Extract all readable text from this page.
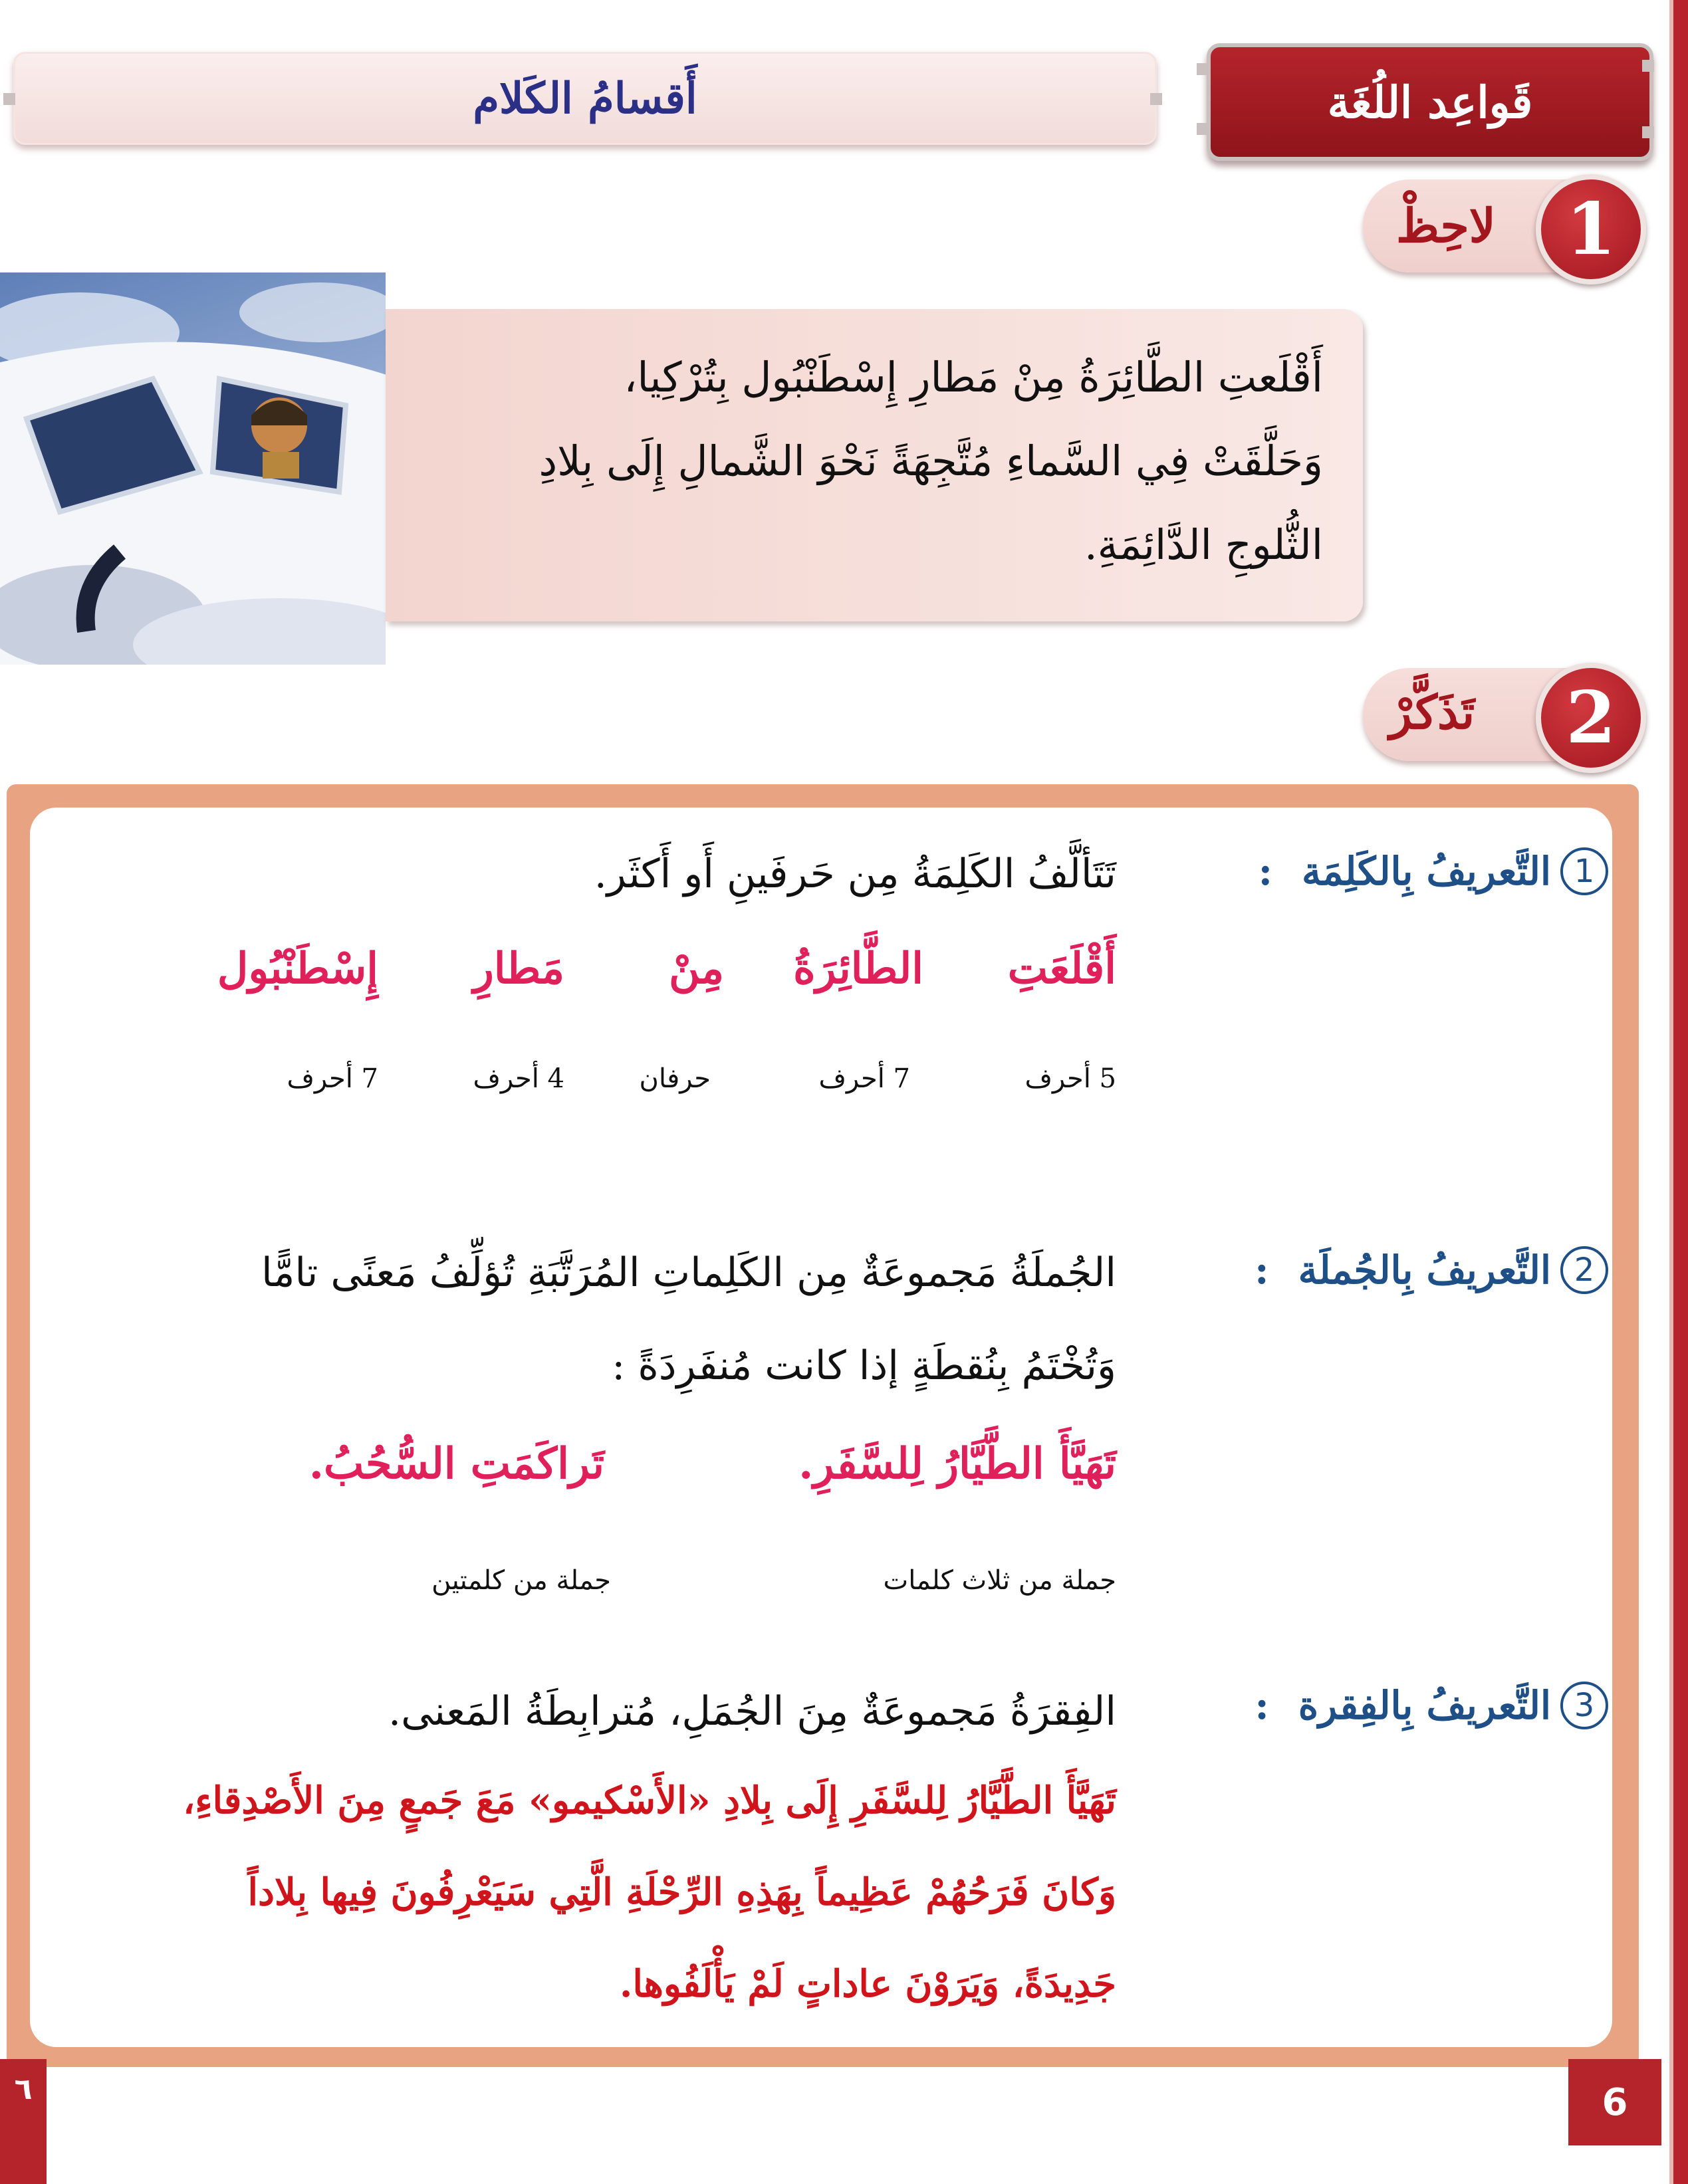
أَقسامُ الكَلام	قَواعِد اللُغَة
لاحِظْ 1
أَقْلَعتِ الطَّائِرَةُ مِنْ مَطارِ إِسْطَنْبُول بِتُرْكِيا،
وَحَلَّقَتْ فِي السَّماءِ مُتَّجِهَةً نَحْوَ الشَّمالِ إِلَى بِلادِ
الثُّلوجِ الدَّائِمَةِ.
تَذَكَّرْ 2
1
التَّعريفُ بِالكَلِمَة
:
تَتَألَّفُ الكَلِمَةُ مِن حَرفَينِ أَو أَكثَر.
أَقْلَعَتِ
الطَّائِرَةُ
مِنْ
مَطارِ
إِسْطَنْبُول
5 أحرف
7 أحرف
حرفان
4 أحرف
7 أحرف
2
التَّعريفُ بِالجُملَة
:
الجُملَةُ مَجموعَةٌ مِن الكَلِماتِ المُرَتَّبَةِ تُؤلِّفُ مَعنًى تامًّا
وَتُخْتَمُ بِنُقطَةٍ إذا كانت مُنفَرِدَةً :
تَهَيَّأَ الطَّيَّارُ لِلسَّفَرِ.
تَراكَمَتِ السُّحُبُ.
جملة من ثلاث كلمات
جملة من كلمتين
3
التَّعريفُ بِالفِقرة
:
الفِقرَةُ مَجموعَةٌ مِنَ الجُمَلِ، مُترابِطَةُ المَعنى.
تَهَيَّأَ الطَّيَّارُ لِلسَّفَرِ إِلَى بِلادِ «الأَسْكيمو» مَعَ جَمعٍ مِنَ الأَصْدِقاءِ،
وَكانَ فَرَحُهُمْ عَظِيماً بِهَذِهِ الرِّحْلَةِ الَّتِي سَيَعْرِفُونَ فِيها بِلاداً
جَدِيدَةً، وَيَرَوْنَ عاداتٍ لَمْ يَأْلَفُوها.
6
٦
